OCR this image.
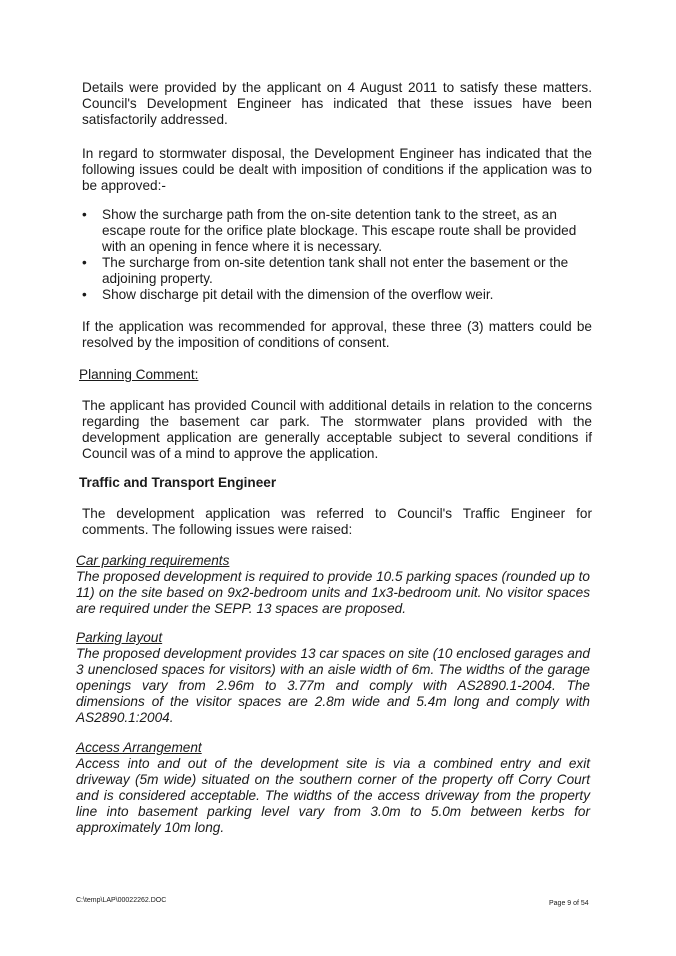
Details were provided by the applicant on 4 August 2011 to satisfy these matters. Council's Development Engineer has indicated that these issues have been satisfactorily addressed.

In regard to stormwater disposal, the Development Engineer has indicated that the following issues could be dealt with imposition of conditions if the application was to be approved:-

• Show the surcharge path from the on-site detention tank to the street, as an escape route for the orifice plate blockage. This escape route shall be provided with an opening in fence where it is necessary.
• The surcharge from on-site detention tank shall not enter the basement or the adjoining property.
• Show discharge pit detail with the dimension of the overflow weir.

If the application was recommended for approval, these three (3) matters could be resolved by the imposition of conditions of consent.

Planning Comment:

The applicant has provided Council with additional details in relation to the concerns regarding the basement car park. The stormwater plans provided with the development application are generally acceptable subject to several conditions if Council was of a mind to approve the application.

Traffic and Transport Engineer

The development application was referred to Council's Traffic Engineer for comments. The following issues were raised:

Car parking requirements
The proposed development is required to provide 10.5 parking spaces (rounded up to 11) on the site based on 9x2-bedroom units and 1x3-bedroom unit. No visitor spaces are required under the SEPP. 13 spaces are proposed.
Parking layout
The proposed development provides 13 car spaces on site (10 enclosed garages and 3 unenclosed spaces for visitors) with an aisle width of 6m. The widths of the garage openings vary from 2.96m to 3.77m and comply with AS2890.1-2004. The dimensions of the visitor spaces are 2.8m wide and 5.4m long and comply with AS2890.1:2004.
Access Arrangement
Access into and out of the development site is via a combined entry and exit driveway (5m wide) situated on the southern corner of the property off Corry Court and is considered acceptable. The widths of the access driveway from the property line into basement parking level vary from 3.0m to 5.0m between kerbs for approximately 10m long.
C:\temp\LAP\00022262.DOC	Page 9 of 54
